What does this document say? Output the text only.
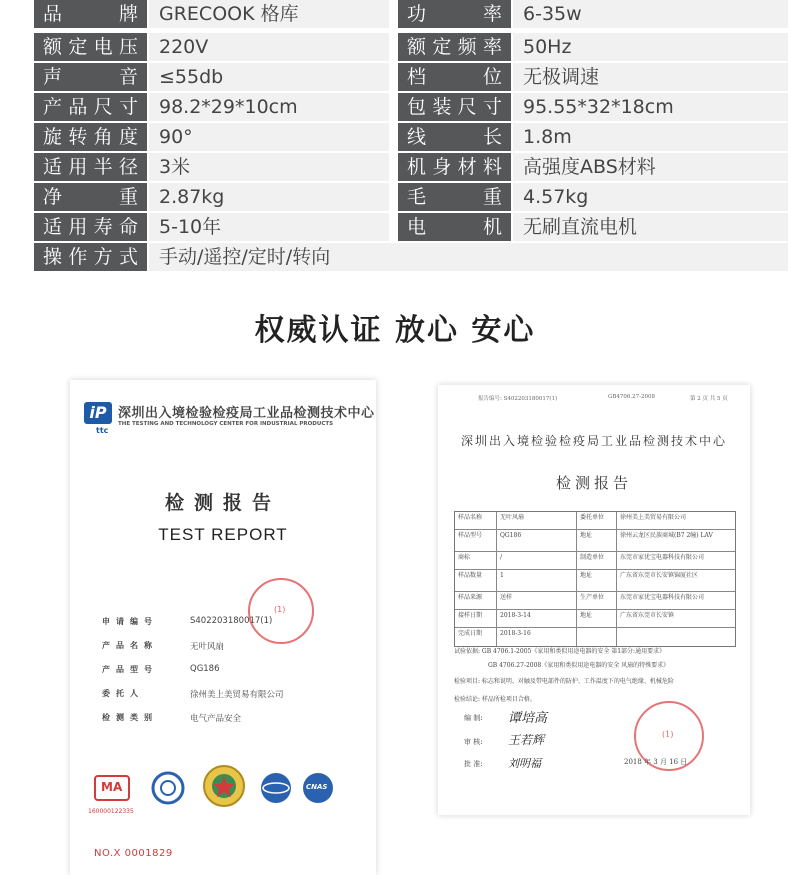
品	牌	GRECOOK 格库	功	率	6-35w
额 定 电 压	220V	额 定 频 率	50Hz
声	音	≤55db	档	位	无极调速
产 品 尺 寸	98.2*29*10cm	包 装 尺 寸	95.55*32*18cm
旋 转 角 度	90°	线	长	1.8m
适 用 半 径	3米	机 身 材 料	高强度ABS材料
净	重	2.87kg	毛	重	4.57kg
适 用 寿 命	5-10年	电	机	无刷直流电机
操 作 方 式	手动/遥控/定时/转向
权威认证 放心 安心
iP
ttc
深圳出入境检验检疫局工业品检测技术中心
THE TESTING AND TECHNOLOGY CENTER FOR INDUSTRIAL PRODUCTS
检测报告
TEST REPORT
申请编号	S402203180017(1)
产品名称	无叶风扇
产品型号	QG186
委托人	徐州美上美贸易有限公司
检测类别	电气产品安全
(1)
MA
160000122335
CNAS
NO.X 0001829
报告编号: S402203180017(1)	GB4706.27-2008	第 2 页 共 5 页
深圳出入境检验检疫局工业品检测技术中心
检测报告
样品名称	无叶风扇	委托单位	徐州美上美贸易有限公司
样品型号	QG186	地址	徐州云龙区民族商城(B7 2幢) LAV
商标	/	制造单位	东莞市家优宝电器科技有限公司
样品数量	1	地址	广东省东莞市长安镇锦厦社区
样品来源	送样	生产单位	东莞市家优宝电器科技有限公司
接样日期	2018-3-14	地址	广东省东莞市长安镇
完成日期	2018-3-16
试验依据: GB 4706.1-2005《家用和类似用途电器的安全 第1部分:通用要求》
GB 4706.27-2008《家用和类似用途电器的安全 风扇的特殊要求》
检验项目: 标志和说明、对触及带电部件的防护、工作温度下的电气绝缘、机械危险
检验结论: 样品所检项目合格。
编 制: 谭培高
审 核: 王若辉
批 准: 刘明福
(1)
2018 年 3 月 16 日
